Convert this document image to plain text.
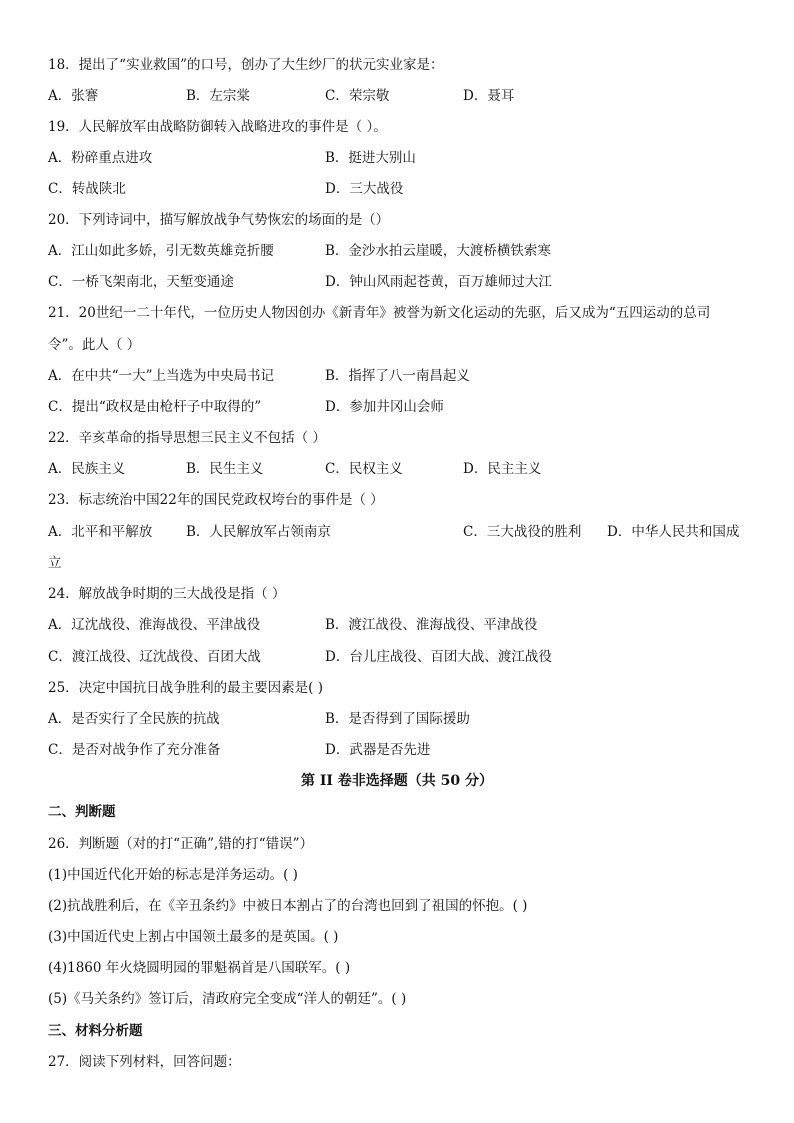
18．提出了“实业救国”的口号，创办了大生纱厂的状元实业家是：
A．张謇	B．左宗棠	C．荣宗敬	D．聂耳
19．人民解放军由战略防御转入战略进攻的事件是（ ）。
A．粉碎重点进攻	B．挺进大别山
C．转战陕北	D．三大战役
20．下列诗词中，描写解放战争气势恢宏的场面的是（）
A．江山如此多娇，引无数英雄竞折腰	B．金沙水拍云崖暖，大渡桥横铁索寒
C．一桥飞架南北，天堑变通途	D．钟山风雨起苍黄，百万雄师过大江
21．20世纪一二十年代，一位历史人物因创办《新青年》被誉为新文化运动的先驱，后又成为“五四运动的总司
令”。此人（ ）
A．在中共“一大”上当选为中央局书记	B．指挥了八一南昌起义
C．提出“政权是由枪杆子中取得的”	D．参加井冈山会师
22．辛亥革命的指导思想三民主义不包括（ ）
A．民族主义	B．民生主义	C．民权主义	D．民主主义
23．标志统治中国22年的国民党政权垮台的事件是（ ）
A．北平和平解放	B．人民解放军占领南京	C．三大战役的胜利 D．中华人民共和国成
立
24．解放战争时期的三大战役是指（ ）
A．辽沈战役、淮海战役、平津战役	B．渡江战役、淮海战役、平津战役
C．渡江战役、辽沈战役、百团大战	D．台儿庄战役、百团大战、渡江战役
25．决定中国抗日战争胜利的最主要因素是( )
A．是否实行了全民族的抗战	B．是否得到了国际援助
C．是否对战争作了充分准备	D．武器是否先进
第 II 卷非选择题（共 50 分）
二、判断题
26．判断题（对的打“正确”,错的打“错误”）
(1)中国近代化开始的标志是洋务运动。( )
(2)抗战胜利后，在《辛丑条约》中被日本割占了的台湾也回到了祖国的怀抱。( )
(3)中国近代史上割占中国领土最多的是英国。( )
(4)1860 年火烧圆明园的罪魁祸首是八国联军。( )
(5)《马关条约》签订后，清政府完全变成“洋人的朝廷”。( )
三、材料分析题
27．阅读下列材料，回答问题：
